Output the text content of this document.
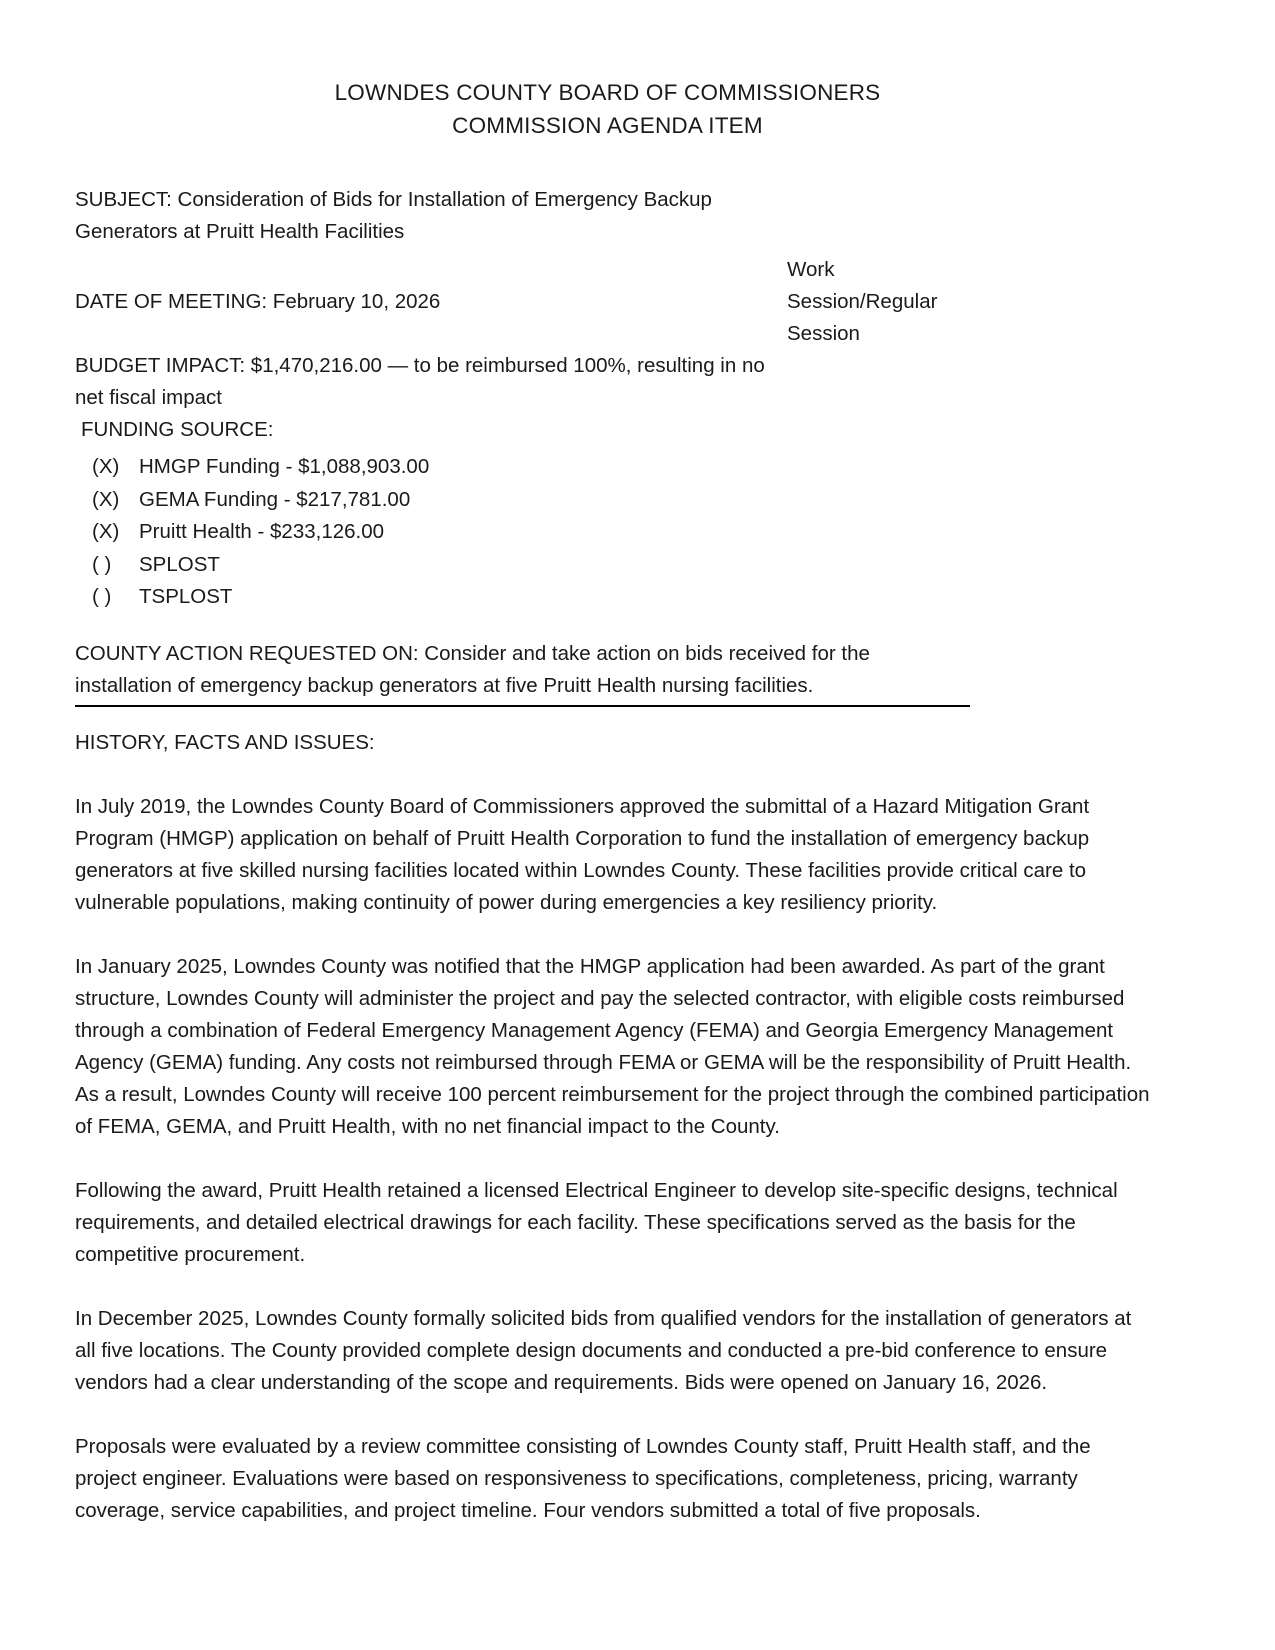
LOWNDES COUNTY BOARD OF COMMISSIONERS
COMMISSION AGENDA ITEM
SUBJECT: Consideration of Bids for Installation of Emergency Backup Generators at Pruitt Health Facilities
DATE OF MEETING: February 10, 2026
Work Session/Regular Session
BUDGET IMPACT: $1,470,216.00 — to be reimbursed 100%, resulting in no net fiscal impact
FUNDING SOURCE:
(X) HMGP Funding - $1,088,903.00
(X) GEMA Funding - $217,781.00
(X) Pruitt Health - $233,126.00
( )	SPLOST
( )	TSPLOST
COUNTY ACTION REQUESTED ON: Consider and take action on bids received for the installation of emergency backup generators at five Pruitt Health nursing facilities.
HISTORY, FACTS AND ISSUES:

In July 2019, the Lowndes County Board of Commissioners approved the submittal of a Hazard Mitigation Grant Program (HMGP) application on behalf of Pruitt Health Corporation to fund the installation of emergency backup generators at five skilled nursing facilities located within Lowndes County. These facilities provide critical care to vulnerable populations, making continuity of power during emergencies a key resiliency priority.

In January 2025, Lowndes County was notified that the HMGP application had been awarded. As part of the grant structure, Lowndes County will administer the project and pay the selected contractor, with eligible costs reimbursed through a combination of Federal Emergency Management Agency (FEMA) and Georgia Emergency Management Agency (GEMA) funding. Any costs not reimbursed through FEMA or GEMA will be the responsibility of Pruitt Health. As a result, Lowndes County will receive 100 percent reimbursement for the project through the combined participation of FEMA, GEMA, and Pruitt Health, with no net financial impact to the County.

Following the award, Pruitt Health retained a licensed Electrical Engineer to develop site-specific designs, technical requirements, and detailed electrical drawings for each facility. These specifications served as the basis for the competitive procurement.

In December 2025, Lowndes County formally solicited bids from qualified vendors for the installation of generators at all five locations. The County provided complete design documents and conducted a pre-bid conference to ensure vendors had a clear understanding of the scope and requirements. Bids were opened on January 16, 2026.

Proposals were evaluated by a review committee consisting of Lowndes County staff, Pruitt Health staff, and the project engineer. Evaluations were based on responsiveness to specifications, completeness, pricing, warranty coverage, service capabilities, and project timeline. Four vendors submitted a total of five proposals.
